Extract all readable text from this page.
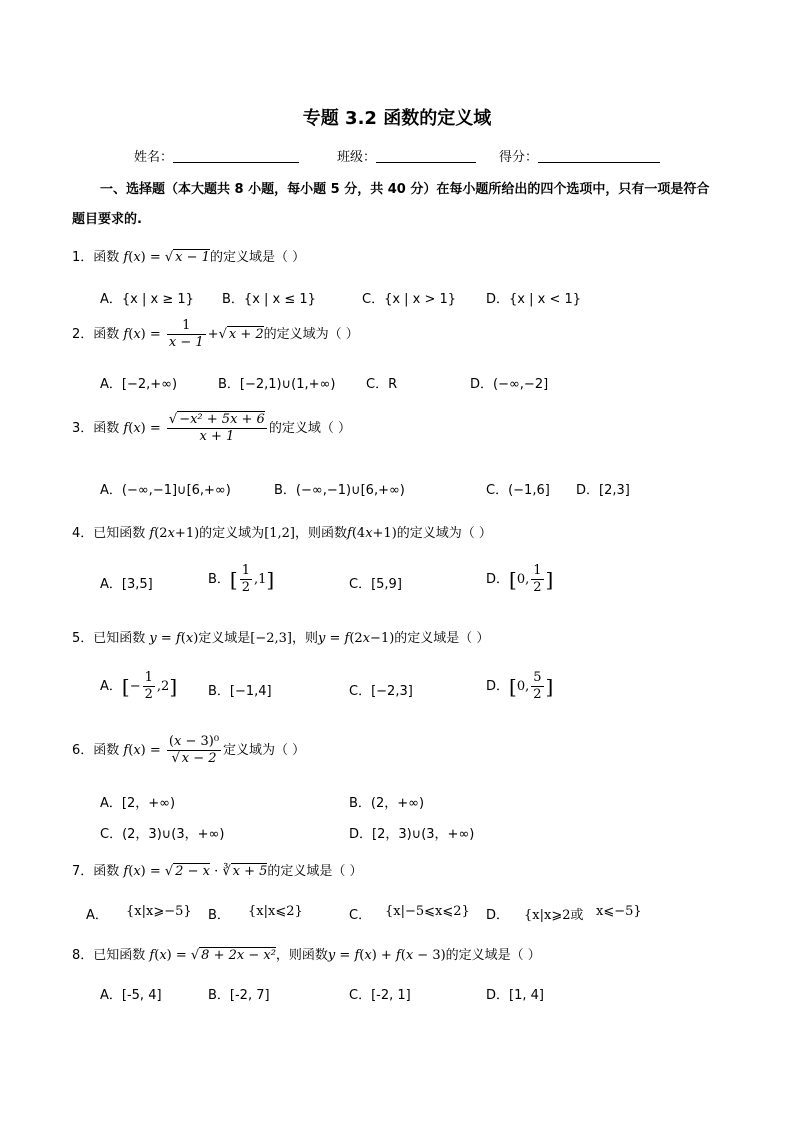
专题 3.2 函数的定义域
姓名：	班级：	得分：
一、选择题（本大题共 8 小题，每小题 5 分，共 40 分）在每小题所给出的四个选项中，只有一项是符合
题目要求的.
1．函数 f(x) = √ x − 1的定义域是（ ）
A．{x | x ≥ 1} B．{x | x ≤ 1}	C．{x | x > 1} D．{x | x < 1}
2．函数 $f(x) = \frac{1}{x - 1}$ +√ x + 2的定义域为（ ）
A．[−2,+∞)	B．[−2,1)∪(1,+∞) C．R	D．(−∞,−2]
3．函数 $f(x) = \frac{\text{√ −x² + 5x + 6}}{x + 1}$ 的定义域（ ）
A．(−∞,−1]∪[6,+∞)	B．(−∞,−1)∪[6,+∞)	C．(−1,6] D．[2,3]
4．已知函数 f(2x+1)的定义域为[1,2]，则函数f(4x+1)的定义域为（ ）
A．[3,5]	B．[ $\frac{1}{2} ,1$]	C．[5,9]	D．[0, $\frac{1}{2}$ ]
5．已知函数 y = f(x)定义域是[−2,3]，则y = f(2x−1)的定义域是（ ）
A．[− $\frac{1}{2} ,2$] B．[−1,4]	C．[−2,3]	D．[0, $\frac{5}{2}$ ]
6．函数 $f(x) = \frac{\text{(x − 3)⁰}}{√ x - 2}$ 定义域为（ ）
A．[2，+∞)	B．(2，+∞)
C．(2，3)∪(3，+∞)	D．[2，3)∪(3，+∞)
7．函数 f(x) = √ 2 − x · ∛ x + 5的定义域是（ ）
A． {x|x⩾−5} B． {x|x⩽2}	C． {x|−5⩽x⩽2} D． {x|x⩾2或 x⩽−5}
8．已知函数 f(x) = √ 8 + 2x − x²，则函数y = f(x) + f(x − 3)的定义域是（ ）
A．[-5, 4]	B．[-2, 7]	C．[-2, 1]	D．[1, 4]
